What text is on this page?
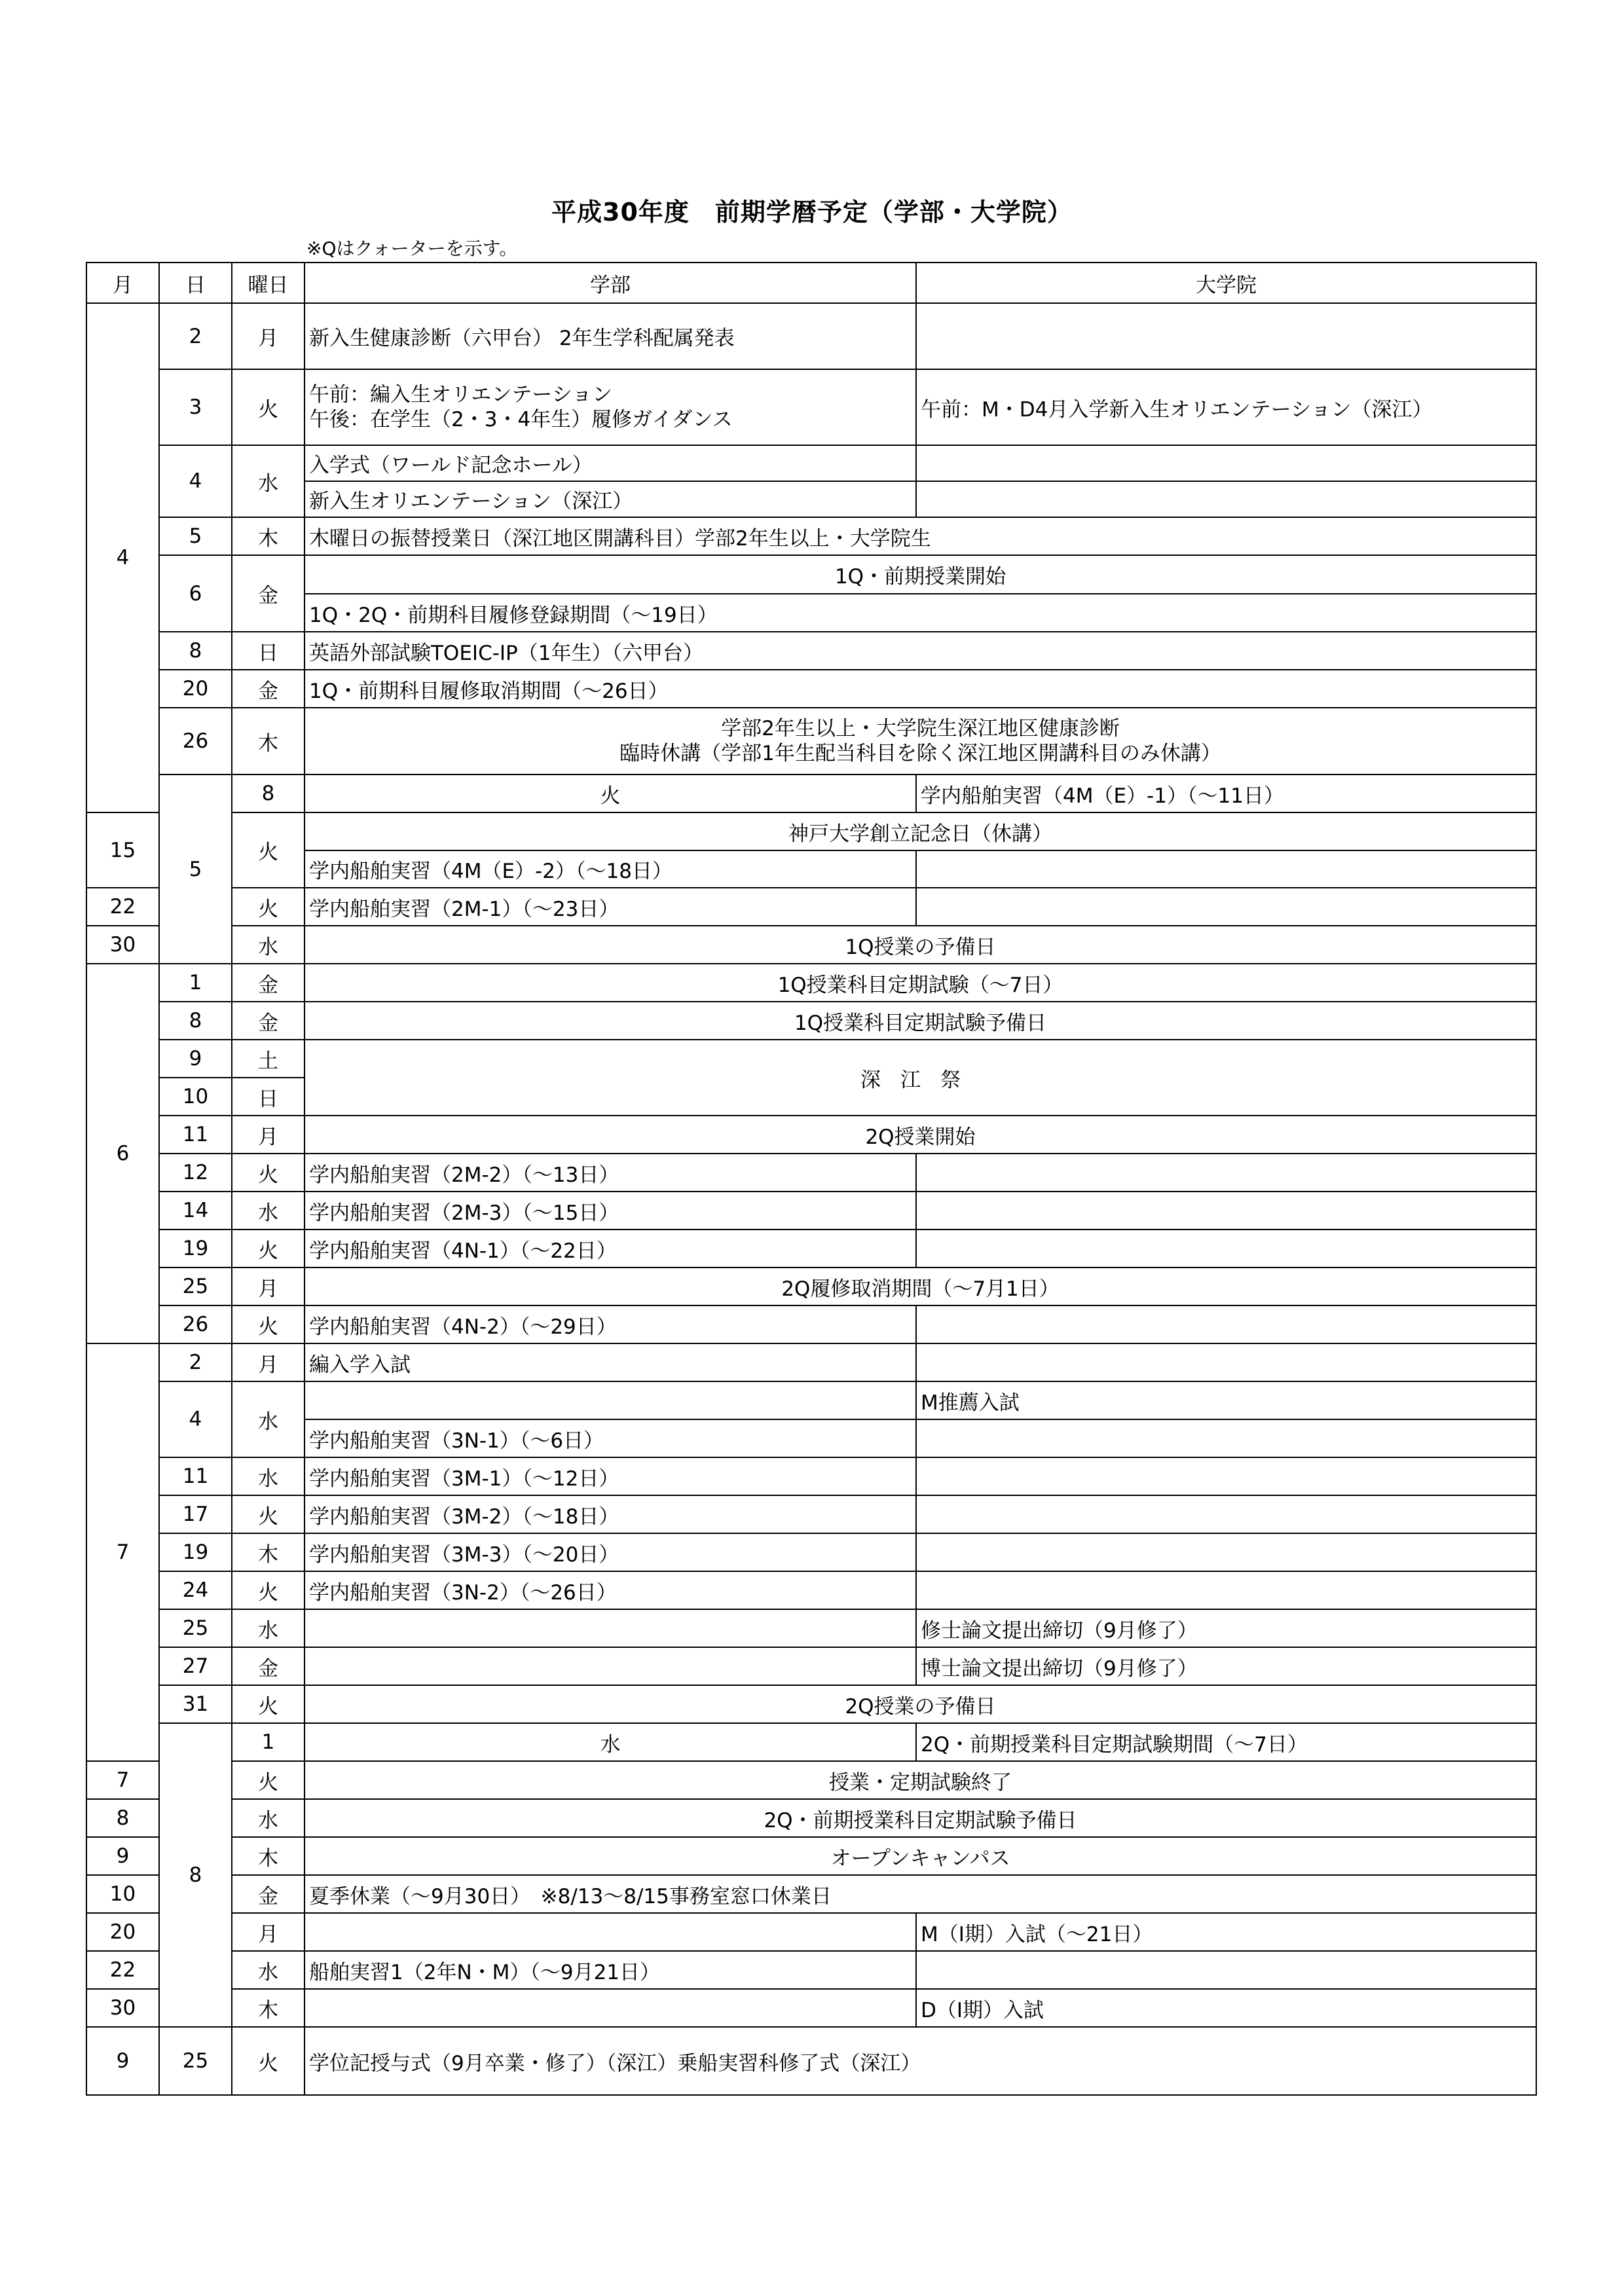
平成30年度　前期学暦予定（学部・大学院）
※Qはクォーターを示す。
月	日	曜日	学部	大学院	
4	2	月	新入生健康診断（六甲台） 2年生学科配属発表		
	3	火	午前：編入生オリエンテーション
午後：在学生（2・3・4年生）履修ガイダンス	午前：M・D4月入学新入生オリエンテーション（深江）	
	4	水	入学式（ワールド記念ホール）		
			新入生オリエンテーション（深江）		
	5	木	木曜日の振替授業日（深江地区開講科目）学部2年生以上・大学院生		
	6	金	1Q・前期授業開始		
			1Q・2Q・前期科目履修登録期間（～19日）		
	8	日	英語外部試験TOEIC-IP（1年生）（六甲台）		
	20	金	1Q・前期科目履修取消期間（～26日）		
	26	木	学部2年生以上・大学院生深江地区健康診断
臨時休講（学部1年生配当科目を除く深江地区開講科目のみ休講）		

	5	8	火	学内船舶実習（4M（E）-1）（～11日）	
15		火	神戸大学創立記念日（休講）		
			学内船舶実習（4M（E）-2）（～18日）		
22		火	学内船舶実習（2M-1）（～23日）		
30		水	1Q授業の予備日		
6	1	金	1Q授業科目定期試験（～7日）		
	8	金	1Q授業科目定期試験予備日		
	9	土	深江祭		
	10	日			
	11	月	2Q授業開始		
	12	火	学内船舶実習（2M-2）（～13日）		
	14	水	学内船舶実習（2M-3）（～15日）		
	19	火	学内船舶実習（4N-1）（～22日）		
	25	月	2Q履修取消期間（～7月1日）		
	26	火	学内船舶実習（4N-2）（～29日）		
7	2	月	編入学入試		
	4	水		M推薦入試	
			学内船舶実習（3N-1）（～6日）		
	11	水	学内船舶実習（3M-1）（～12日）		
	17	火	学内船舶実習（3M-2）（～18日）		
	19	木	学内船舶実習（3M-3）（～20日）		
	24	火	学内船舶実習（3N-2）（～26日）		
	25	水		修士論文提出締切（9月修了）	
	27	金		博士論文提出締切（9月修了）	
	31	火	2Q授業の予備日		
	8	1	水	2Q・前期授業科目定期試験期間（～7日）	
7		火	授業・定期試験終了		
8		水	2Q・前期授業科目定期試験予備日		
9		木	オープンキャンパス		
10		金	夏季休業（～9月30日）　※8/13～8/15事務室窓口休業日		
20		月		M（I期）入試（～21日）	
22		水	船舶実習1（2年N・M）（～9月21日）		
30		木		D（I期）入試	
9	25	火	学位記授与式（9月卒業・修了）（深江）乗船実習科修了式（深江）		
